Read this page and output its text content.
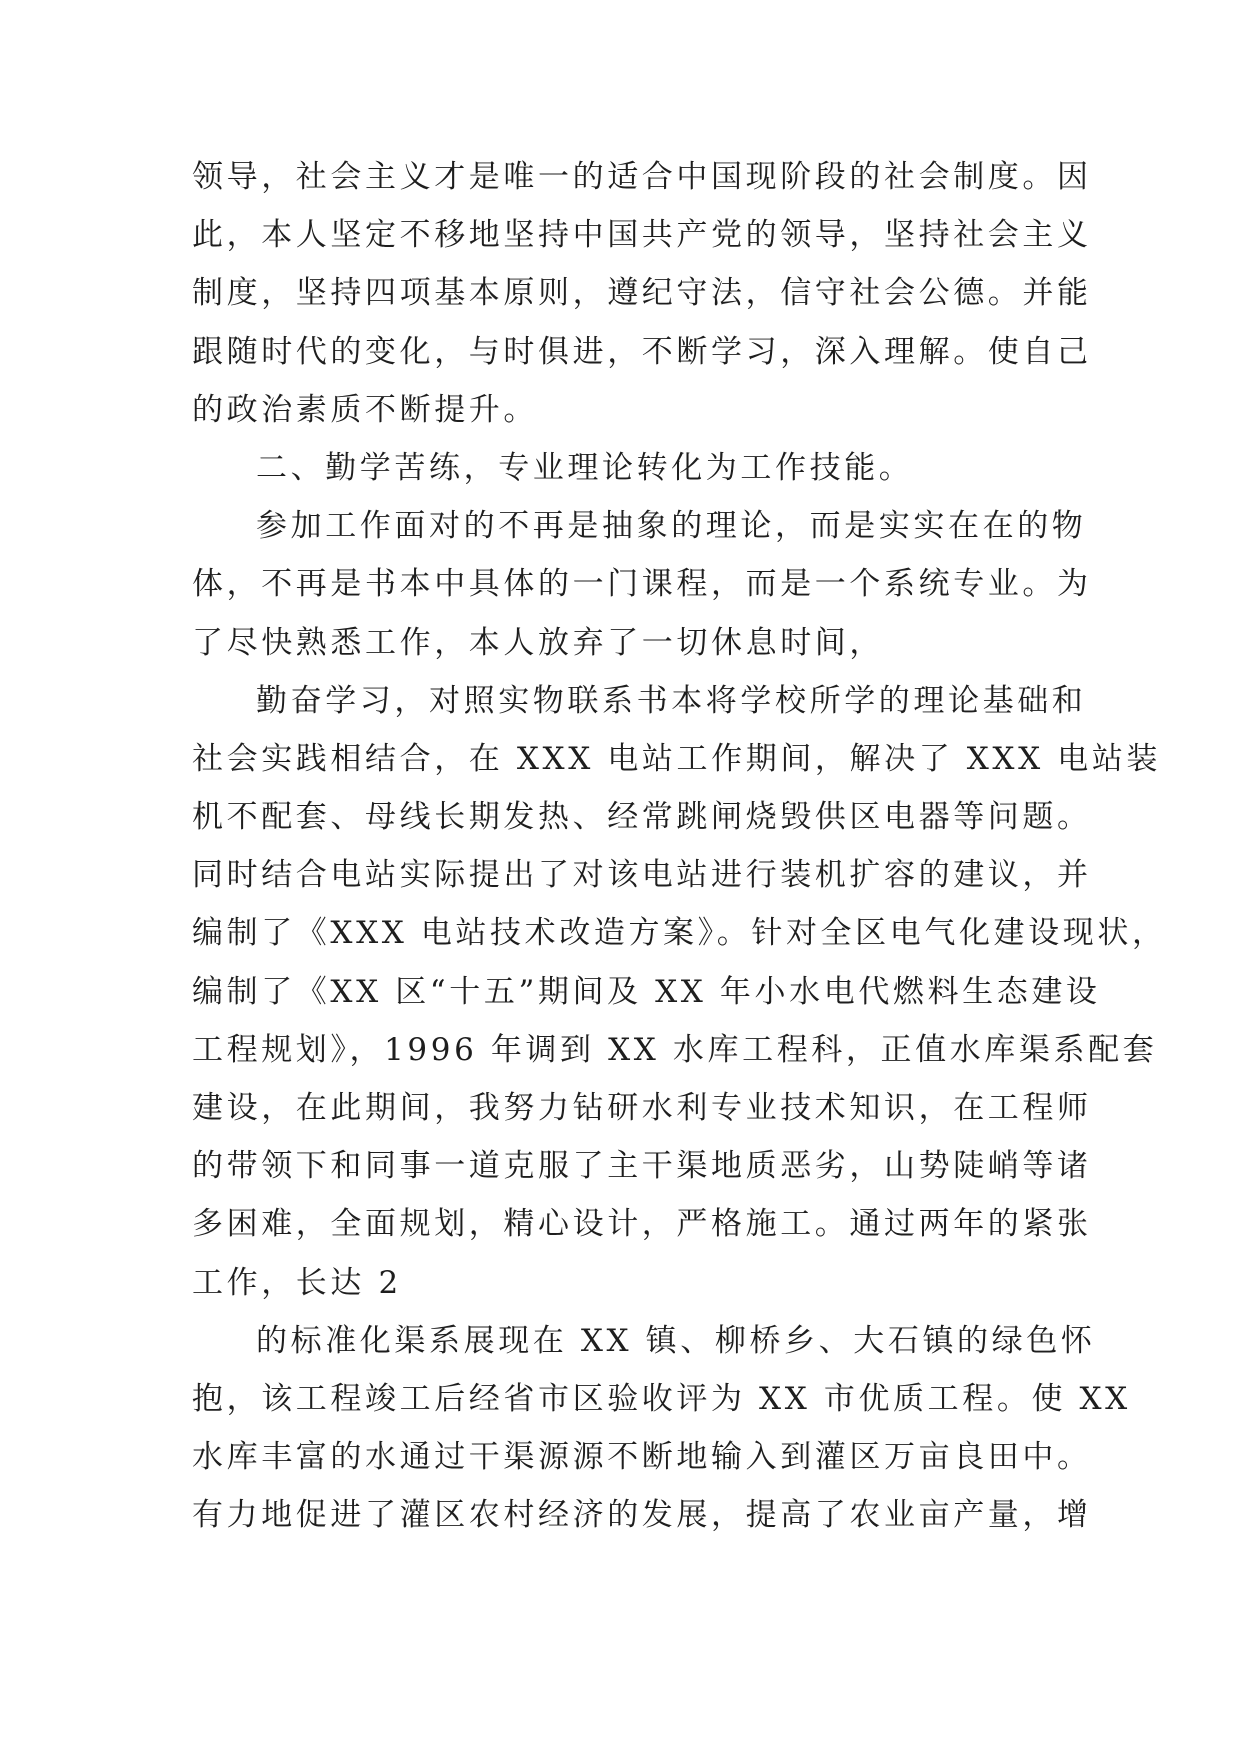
领导，社会主义才是唯一的适合中国现阶段的社会制度。因
此，本人坚定不移地坚持中国共产党的领导，坚持社会主义
制度，坚持四项基本原则，遵纪守法，信守社会公德。并能
跟随时代的变化，与时俱进，不断学习，深入理解。使自己
的政治素质不断提升。
二、勤学苦练，专业理论转化为工作技能。
参加工作面对的不再是抽象的理论，而是实实在在的物
体，不再是书本中具体的一门课程，而是一个系统专业。为
了尽快熟悉工作，本人放弃了一切休息时间，
勤奋学习，对照实物联系书本将学校所学的理论基础和
社会实践相结合，在 XXX 电站工作期间，解决了 XXX 电站装
机不配套、母线长期发热、经常跳闸烧毁供区电器等问题。
同时结合电站实际提出了对该电站进行装机扩容的建议，并
编制了《XXX 电站技术改造方案》。针对全区电气化建设现状，
编制了《XX 区“十五”期间及 XX 年小水电代燃料生态建设
工程规划》，1996 年调到 XX 水库工程科，正值水库渠系配套
建设，在此期间，我努力钻研水利专业技术知识，在工程师
的带领下和同事一道克服了主干渠地质恶劣，山势陡峭等诸
多困难，全面规划，精心设计，严格施工。通过两年的紧张
工作，长达 2
的标准化渠系展现在 XX 镇、柳桥乡、大石镇的绿色怀
抱，该工程竣工后经省市区验收评为 XX 市优质工程。使 XX
水库丰富的水通过干渠源源不断地输入到灌区万亩良田中。
有力地促进了灌区农村经济的发展，提高了农业亩产量，增
